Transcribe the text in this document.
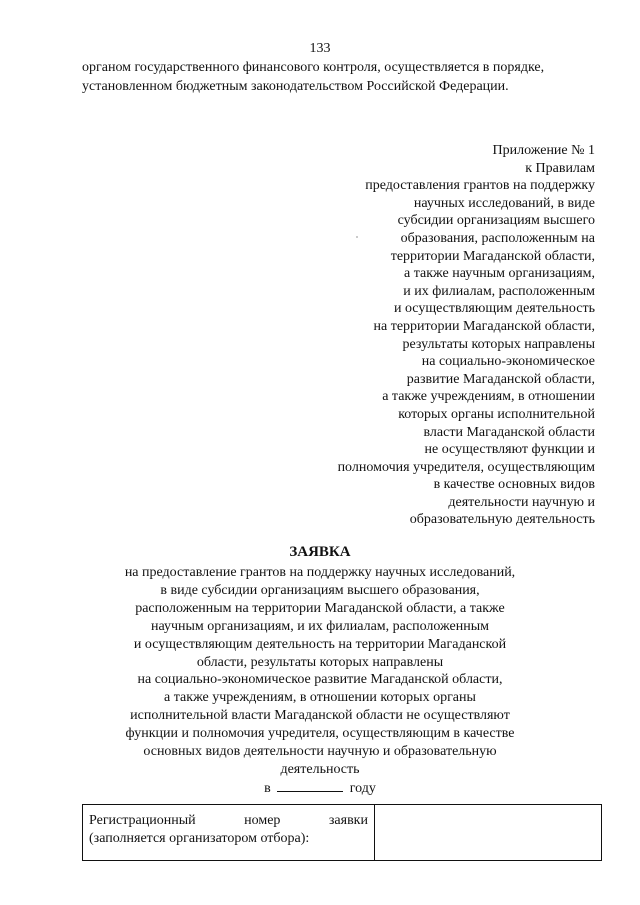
133
органом государственного финансового контроля, осуществляется в порядке,
установленном бюджетным законодательством Российской Федерации.
Приложение № 1
к Правилам
предоставления грантов на поддержку
научных исследований, в виде
субсидии организациям высшего
образования, расположенным на
территории Магаданской области,
а также научным организациям,
и их филиалам, расположенным
и осуществляющим деятельность
на территории Магаданской области,
результаты которых направлены
на социально-экономическое
развитие Магаданской области,
а также учреждениям, в отношении
которых органы исполнительной
власти Магаданской области
не осуществляют функции и
полномочия учредителя, осуществляющим
в качестве основных видов
деятельности научную и
образовательную деятельность
ЗАЯВКА
на предоставление грантов на поддержку научных исследований,
в виде субсидии организациям высшего образования,
расположенным на территории Магаданской области, а также
научным организациям, и их филиалам, расположенным
и осуществляющим деятельность на территории Магаданской
области, результаты которых направлены
на социально-экономическое развитие Магаданской области,
а также учреждениям, в отношении которых органы
исполнительной власти Магаданской области не осуществляют
функции и полномочия учредителя, осуществляющим в качестве
основных видов деятельности научную и образовательную
деятельность
в	году
Регистрационный	номер	заявки
(заполняется организатором отбора):
